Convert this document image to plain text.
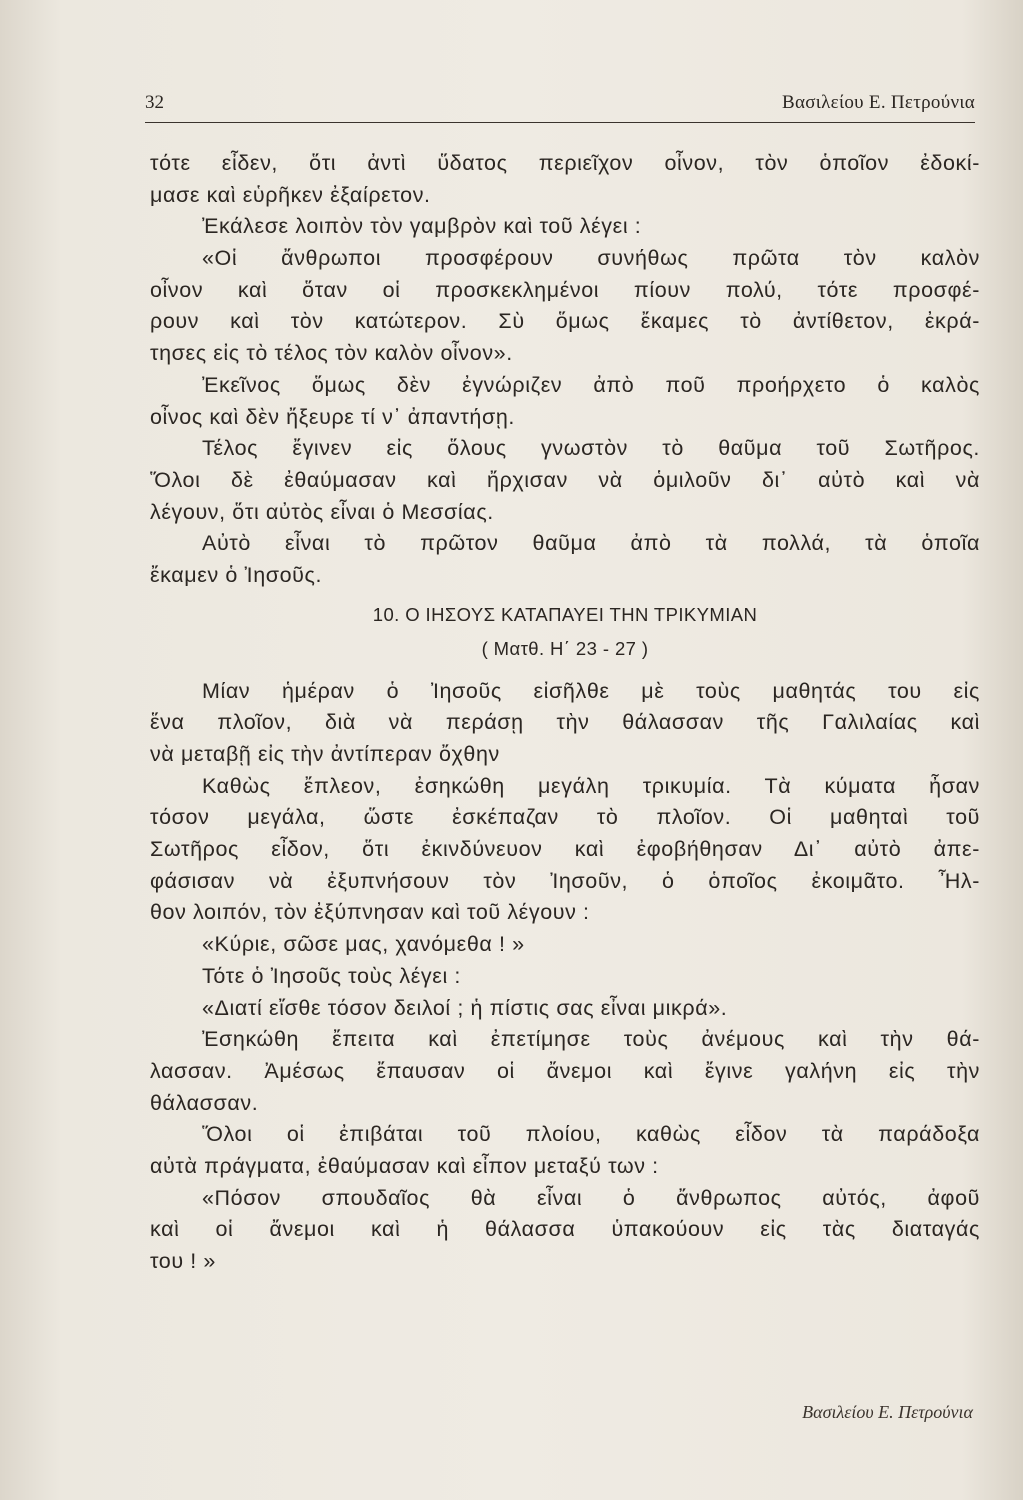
32	Βασιλείου Ε. Πετρούνια
τότε εἶδεν, ὅτι ἀντὶ ὕδατος περιεῖχον οἶνον, τὸν ὁποῖον ἐδοκί-
μασε καὶ εὑρῆκεν ἐξαίρετον.
Ἐκάλεσε λοιπὸν τὸν γαμβρὸν καὶ τοῦ λέγει :
«Οἱ ἄνθρωποι προσφέρουν συνήθως πρῶτα τὸν καλὸν
οἶνον καὶ ὅταν οἱ προσκεκλημένοι πίουν πολύ, τότε προσφέ-
ρουν καὶ τὸν κατώτερον. Σὺ ὅμως ἔκαμες τὸ ἀντίθετον, ἐκρά-
τησες εἰς τὸ τέλος τὸν καλὸν οἶνον».
Ἐκεῖνος ὅμως δὲν ἐγνώριζεν ἀπὸ ποῦ προήρχετο ὁ καλὸς
οἶνος καὶ δὲν ἤξευρε τί ν᾽ ἀπαντήσῃ.
Τέλος ἔγινεν εἰς ὅλους γνωστὸν τὸ θαῦμα τοῦ Σωτῆρος.
Ὅλοι δὲ ἐθαύμασαν καὶ ἤρχισαν νὰ ὁμιλοῦν δι᾽ αὐτὸ καὶ νὰ
λέγουν, ὅτι αὐτὸς εἶναι ὁ Μεσσίας.
Αὐτὸ εἶναι τὸ πρῶτον θαῦμα ἀπὸ τὰ πολλά, τὰ ὁποῖα
ἔκαμεν ὁ Ἰησοῦς.
10. Ο ΙΗΣΟΥΣ ΚΑΤΑΠΑΥΕΙ ΤΗΝ ΤΡΙΚΥΜΙΑΝ
( Ματθ. Η΄ 23 - 27 )
Μίαν ἡμέραν ὁ Ἰησοῦς εἰσῆλθε μὲ τοὺς μαθητάς του εἰς
ἕνα πλοῖον, διὰ νὰ περάσῃ τὴν θάλασσαν τῆς Γαλιλαίας καὶ
νὰ μεταβῇ εἰς τὴν ἀντίπεραν ὄχθην
Καθὼς ἔπλεον, ἐσηκώθη μεγάλη τρικυμία. Τὰ κύματα ἦσαν
τόσον μεγάλα, ὥστε ἐσκέπαζαν τὸ πλοῖον. Οἱ μαθηταὶ τοῦ
Σωτῆρος εἶδον, ὅτι ἐκινδύνευον καὶ ἐφοβήθησαν Δι᾽ αὐτὸ ἀπε-
φάσισαν νὰ ἐξυπνήσουν τὸν Ἰησοῦν, ὁ ὁποῖος ἐκοιμᾶτο. Ἦλ-
θον λοιπόν, τὸν ἐξύπνησαν καὶ τοῦ λέγουν :
«Κύριε, σῶσε μας, χανόμεθα ! »
Τότε ὁ Ἰησοῦς τοὺς λέγει :
«Διατί εἴσθε τόσον δειλοί ; ἡ πίστις σας εἶναι μικρά».
Ἐσηκώθη ἔπειτα καὶ ἐπετίμησε τοὺς ἀνέμους καὶ τὴν θά-
λασσαν. Ἀμέσως ἔπαυσαν οἱ ἄνεμοι καὶ ἔγινε γαλήνη εἰς τὴν
θάλασσαν.
Ὅλοι οἱ ἐπιβάται τοῦ πλοίου, καθὼς εἶδον τὰ παράδοξα
αὐτὰ πράγματα, ἐθαύμασαν καὶ εἶπον μεταξύ των :
«Πόσον σπουδαῖος θὰ εἶναι ὁ ἄνθρωπος αὐτός, ἀφοῦ
καὶ οἱ ἄνεμοι καὶ ἡ θάλασσα ὑπακούουν εἰς τὰς διαταγάς
του ! »
Βασιλείου Ε. Πετρούνια
